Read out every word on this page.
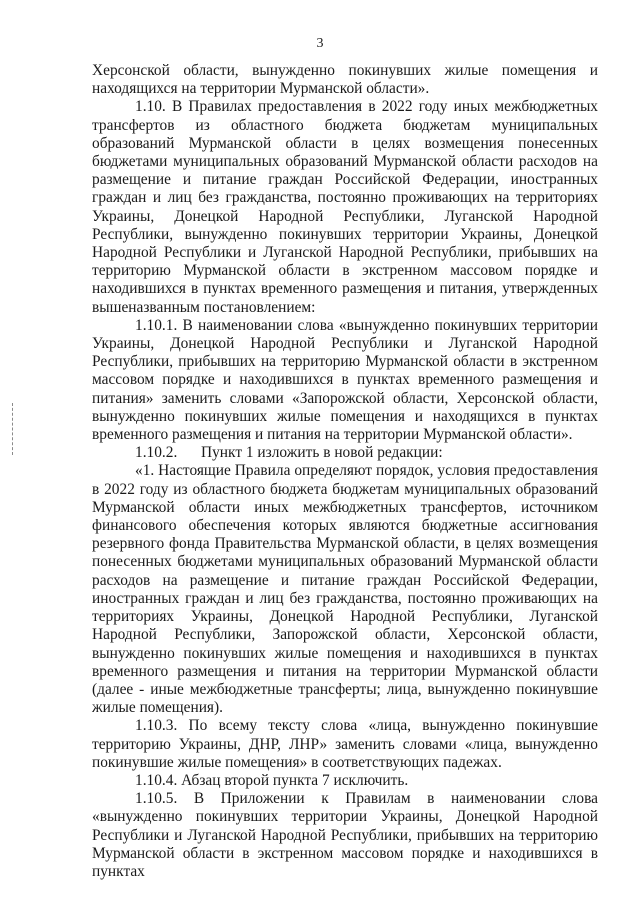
3

Херсонской области, вынужденно покинувших жилые помещения и находящихся на территории Мурманской области».

1.10. В Правилах предоставления в 2022 году иных межбюджетных трансфертов из областного бюджета бюджетам муниципальных образований Мурманской области в целях возмещения понесенных бюджетами муниципальных образований Мурманской области расходов на размещение и питание граждан Российской Федерации, иностранных граждан и лиц без гражданства, постоянно проживающих на территориях Украины, Донецкой Народной Республики, Луганской Народной Республики, вынужденно покинувших территории Украины, Донецкой Народной Республики и Луганской Народной Республики, прибывших на территорию Мурманской области в экстренном массовом порядке и находившихся в пунктах временного размещения и питания, утвержденных вышеназванным постановлением:

1.10.1. В наименовании слова «вынужденно покинувших территории Украины, Донецкой Народной Республики и Луганской Народной Республики, прибывших на территорию Мурманской области в экстренном массовом порядке и находившихся в пунктах временного размещения и питания» заменить словами «Запорожской области, Херсонской области, вынужденно покинувших жилые помещения и находящихся в пунктах временного размещения и питания на территории Мурманской области».

1.10.2.	Пункт 1 изложить в новой редакции:

«1. Настоящие Правила определяют порядок, условия предоставления в 2022 году из областного бюджета бюджетам муниципальных образований Мурманской области иных межбюджетных трансфертов, источником финансового обеспечения которых являются бюджетные ассигнования резервного фонда Правительства Мурманской области, в целях возмещения понесенных бюджетами муниципальных образований Мурманской области расходов на размещение и питание граждан Российской Федерации, иностранных граждан и лиц без гражданства, постоянно проживающих на территориях Украины, Донецкой Народной Республики, Луганской Народной Республики, Запорожской области, Херсонской области, вынужденно покинувших жилые помещения и находившихся в пунктах временного размещения и питания на территории Мурманской области (далее - иные межбюджетные трансферты; лица, вынужденно покинувшие жилые помещения).

1.10.3. По всему тексту слова «лица, вынужденно покинувшие территорию Украины, ДНР, ЛНР» заменить словами «лица, вынужденно покинувшие жилые помещения» в соответствующих падежах.

1.10.4. Абзац второй пункта 7 исключить.

1.10.5. В Приложении к Правилам в наименовании слова «вынужденно покинувших территории Украины, Донецкой Народной Республики и Луганской Народной Республики, прибывших на территорию Мурманской области в экстренном массовом порядке и находившихся в пунктах
